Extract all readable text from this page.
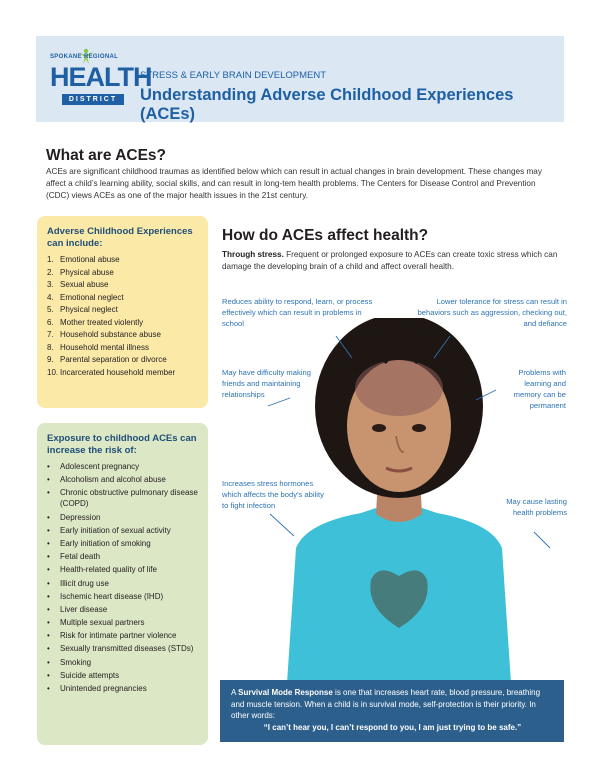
SPOKANE REGIONAL
HEALTH
DISTRICT
STRESS & EARLY BRAIN DEVELOPMENT
Understanding Adverse Childhood Experiences (ACEs)
What are ACEs?

ACEs are significant childhood traumas as identified below which can result in actual changes in brain development. These changes may affect a child’s learning ability, social skills, and can result in long-tem health problems. The Centers for Disease Control and Prevention (CDC) views ACEs as one of the major health issues in the 21st century.

Adverse Childhood Experiences can include:
1. Emotional abuse
2. Physical abuse
3. Sexual abuse
4. Emotional neglect
5. Physical neglect
6. Mother treated violently
7. Household substance abuse
8. Household mental illness
9. Parental separation or divorce
10. Incarcerated household member
Exposure to childhood ACEs can increase the risk of:
•	Adolescent pregnancy
•	Alcoholism and alcohol abuse
•	Chronic obstructive pulmonary disease (COPD)
•	Depression
•	Early initiation of sexual activity
•	Early initiation of smoking
•	Fetal death
•	Health-related quality of life
•	Illicit drug use
•	Ischemic heart disease (IHD)
•	Liver disease
•	Multiple sexual partners
•	Risk for intimate partner violence
•	Sexually transmitted diseases (STDs)
•	Smoking
•	Suicide attempts
•	Unintended pregnancies
How do ACEs affect health?

Through stress. Frequent or prolonged exposure to ACEs can create toxic stress which can damage the developing brain of a child and affect overall health.

Reduces ability to respond, learn, or process effectively which can result in problems in school
Lower tolerance for stress can result in behaviors such as aggression, checking out, and defiance
May have difficulty making friends and maintaining relationships
Problems with learning and memory can be permanent
Increases stress hormones which affects the body’s ability to fight infection	May cause lasting health problems
A Survival Mode Response is one that increases heart rate, blood pressure, breathing and muscle tension. When a child is in survival mode, self-protection is their priority. In other words:
“I can’t hear you, I can’t respond to you, I am just trying to be safe.”
